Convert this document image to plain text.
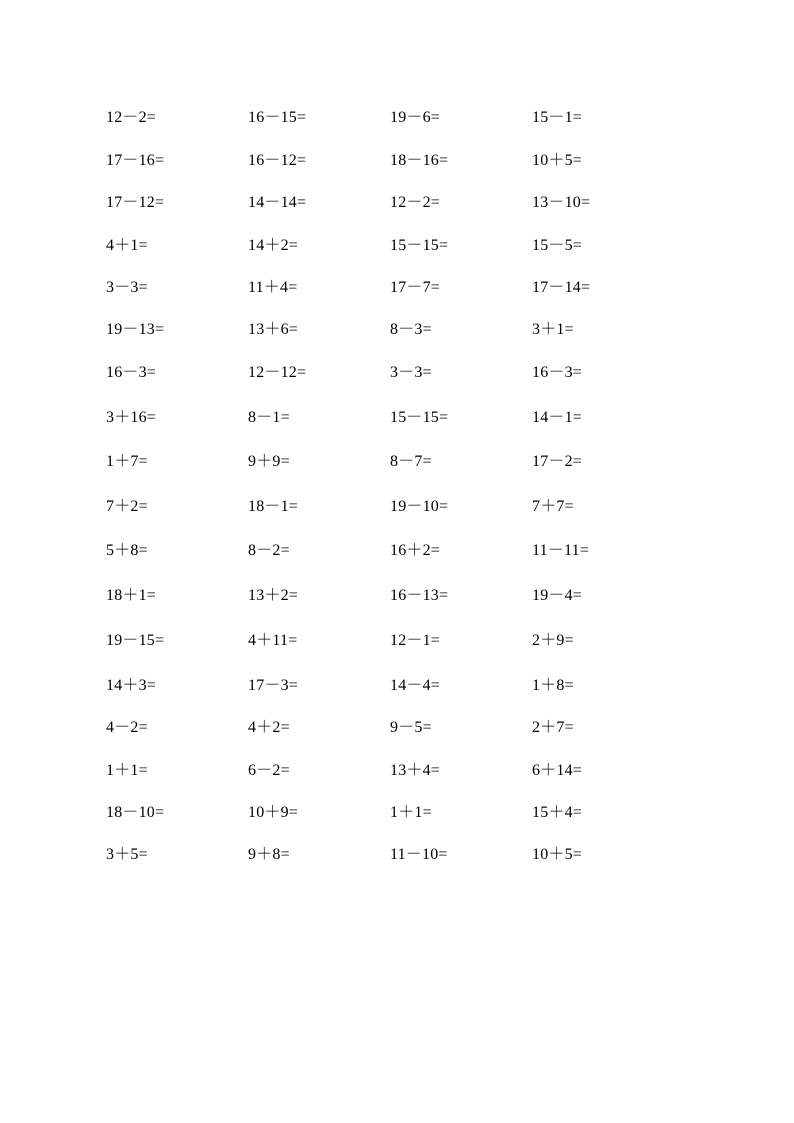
12－2=	16－15=	19－6=	15－1=
17－16=	16－12=	18－16=	10＋5=
17－12=	14－14=	12－2=	13－10=
4＋1=	14＋2=	15－15=	15－5=
3－3=	11＋4=	17－7=	17－14=
19－13=	13＋6=	8－3=	3＋1=
16－3=	12－12=	3－3=	16－3=
3＋16=	8－1=	15－15=	14－1=
1＋7=	9＋9=	8－7=	17－2=
7＋2=	18－1=	19－10=	7＋7=
5＋8=	8－2=	16＋2=	11－11=
18＋1=	13＋2=	16－13=	19－4=
19－15=	4＋11=	12－1=	2＋9=
14＋3=	17－3=	14－4=	1＋8=
4－2=	4＋2=	9－5=	2＋7=
1＋1=	6－2=	13＋4=	6＋14=
18－10=	10＋9=	1＋1=	15＋4=
3＋5=	9＋8=	11－10=	10＋5=
